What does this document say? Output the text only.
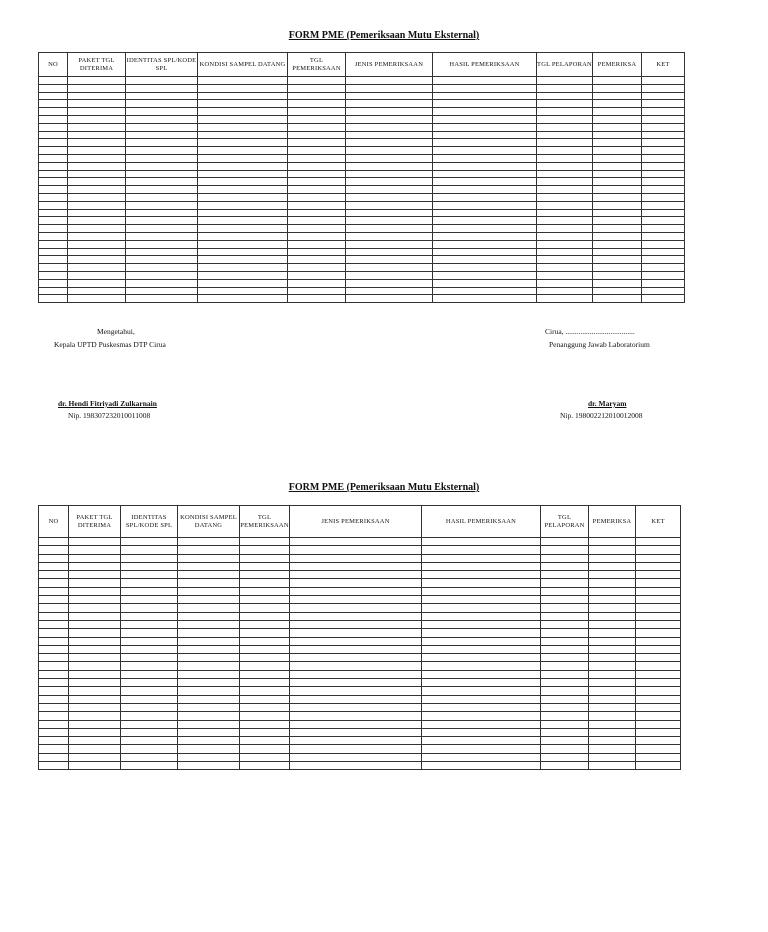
FORM PME (Pemeriksaan Mutu Eksternal)
NO	PAKET TGL DITERIMA	IDENTITAS SPL/KODE SPL	KONDISI SAMPEL DATANG	TGL PEMERIKSAAN	JENIS PEMERIKSAAN	HASIL PEMERIKSAAN	TGL PELAPORAN	PEMERIKSA	KET

Mengetahui,
Kepala UPTD Puskesmas DTP Cirua
dr. Hendi Fitriyadi Zulkarnain
Nip. 198307232010011008
Cirua, .....................................
Penanggung Jawab Laboratorium
dr. Maryam
Nip. 198002212010012008
FORM PME (Pemeriksaan Mutu Eksternal)
NO	PAKET TGL DITERIMA	IDENTITAS SPL/KODE SPL	KONDISI SAMPEL DATANG	TGL PEMERIKSAAN	JENIS PEMERIKSAAN	HASIL PEMERIKSAAN	TGL PELAPORAN	PEMERIKSA	KET
